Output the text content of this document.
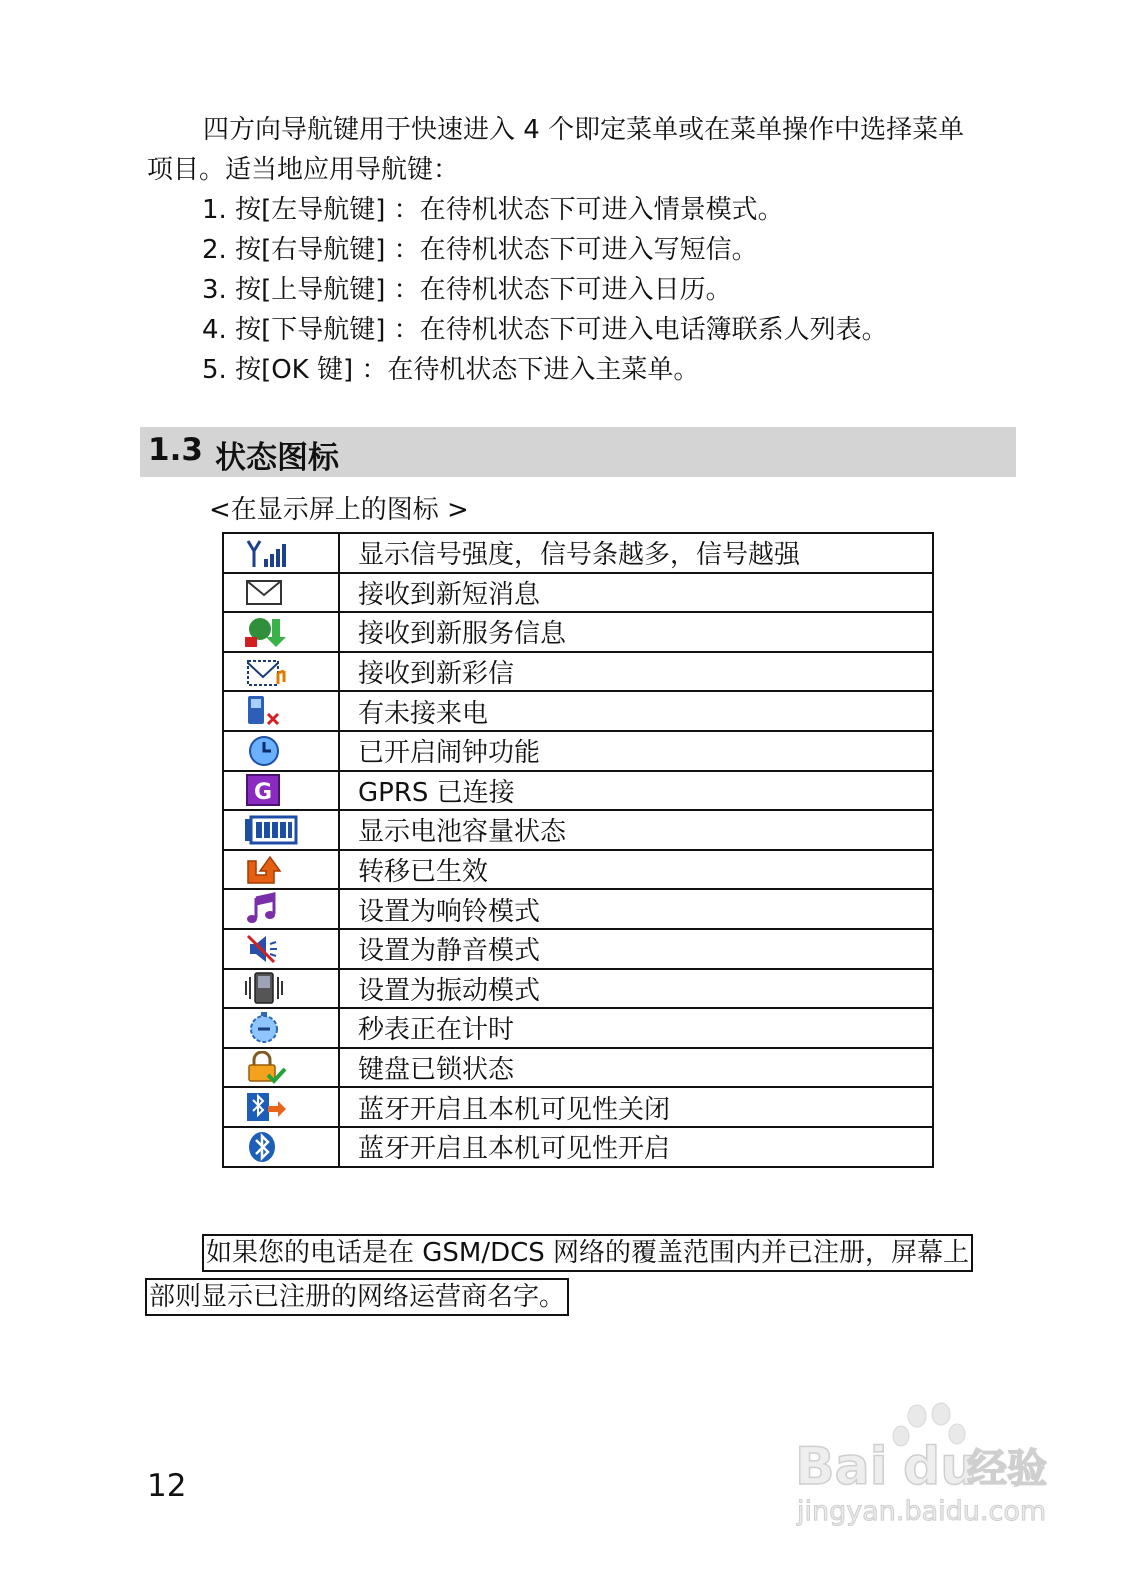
四方向导航键用于快速进入 4 个即定菜单或在菜单操作中选择菜单
项目。适当地应用导航键：
1. 按[左导航键] ：在待机状态下可进入情景模式。
2. 按[右导航键] ：在待机状态下可进入写短信。
3. 按[上导航键] ：在待机状态下可进入日历。
4. 按[下导航键] ：在待机状态下可进入电话簿联系人列表。
5. 按[OK 键] ：在待机状态下进入主菜单。
1.3 状态图标
<在显示屏上的图标 >
	显示信号强度，信号条越多，信号越强

	接收到新短消息

	接收到新服务信息

	接收到新彩信

	有未接来电

	已开启闹钟功能

G	GPRS 已连接

	显示电池容量状态

	转移已生效

	设置为响铃模式

	设置为静音模式

	设置为振动模式

	秒表正在计时

	键盘已锁状态

	蓝牙开启且本机可见性关闭

	蓝牙开启且本机可见性开启
如果您的电话是在 GSM/DCS 网络的覆盖范围内并已注册，屏幕上
部则显示已注册的网络运营商名字。
12	Bai du
经验
jingyan.baidu.com
